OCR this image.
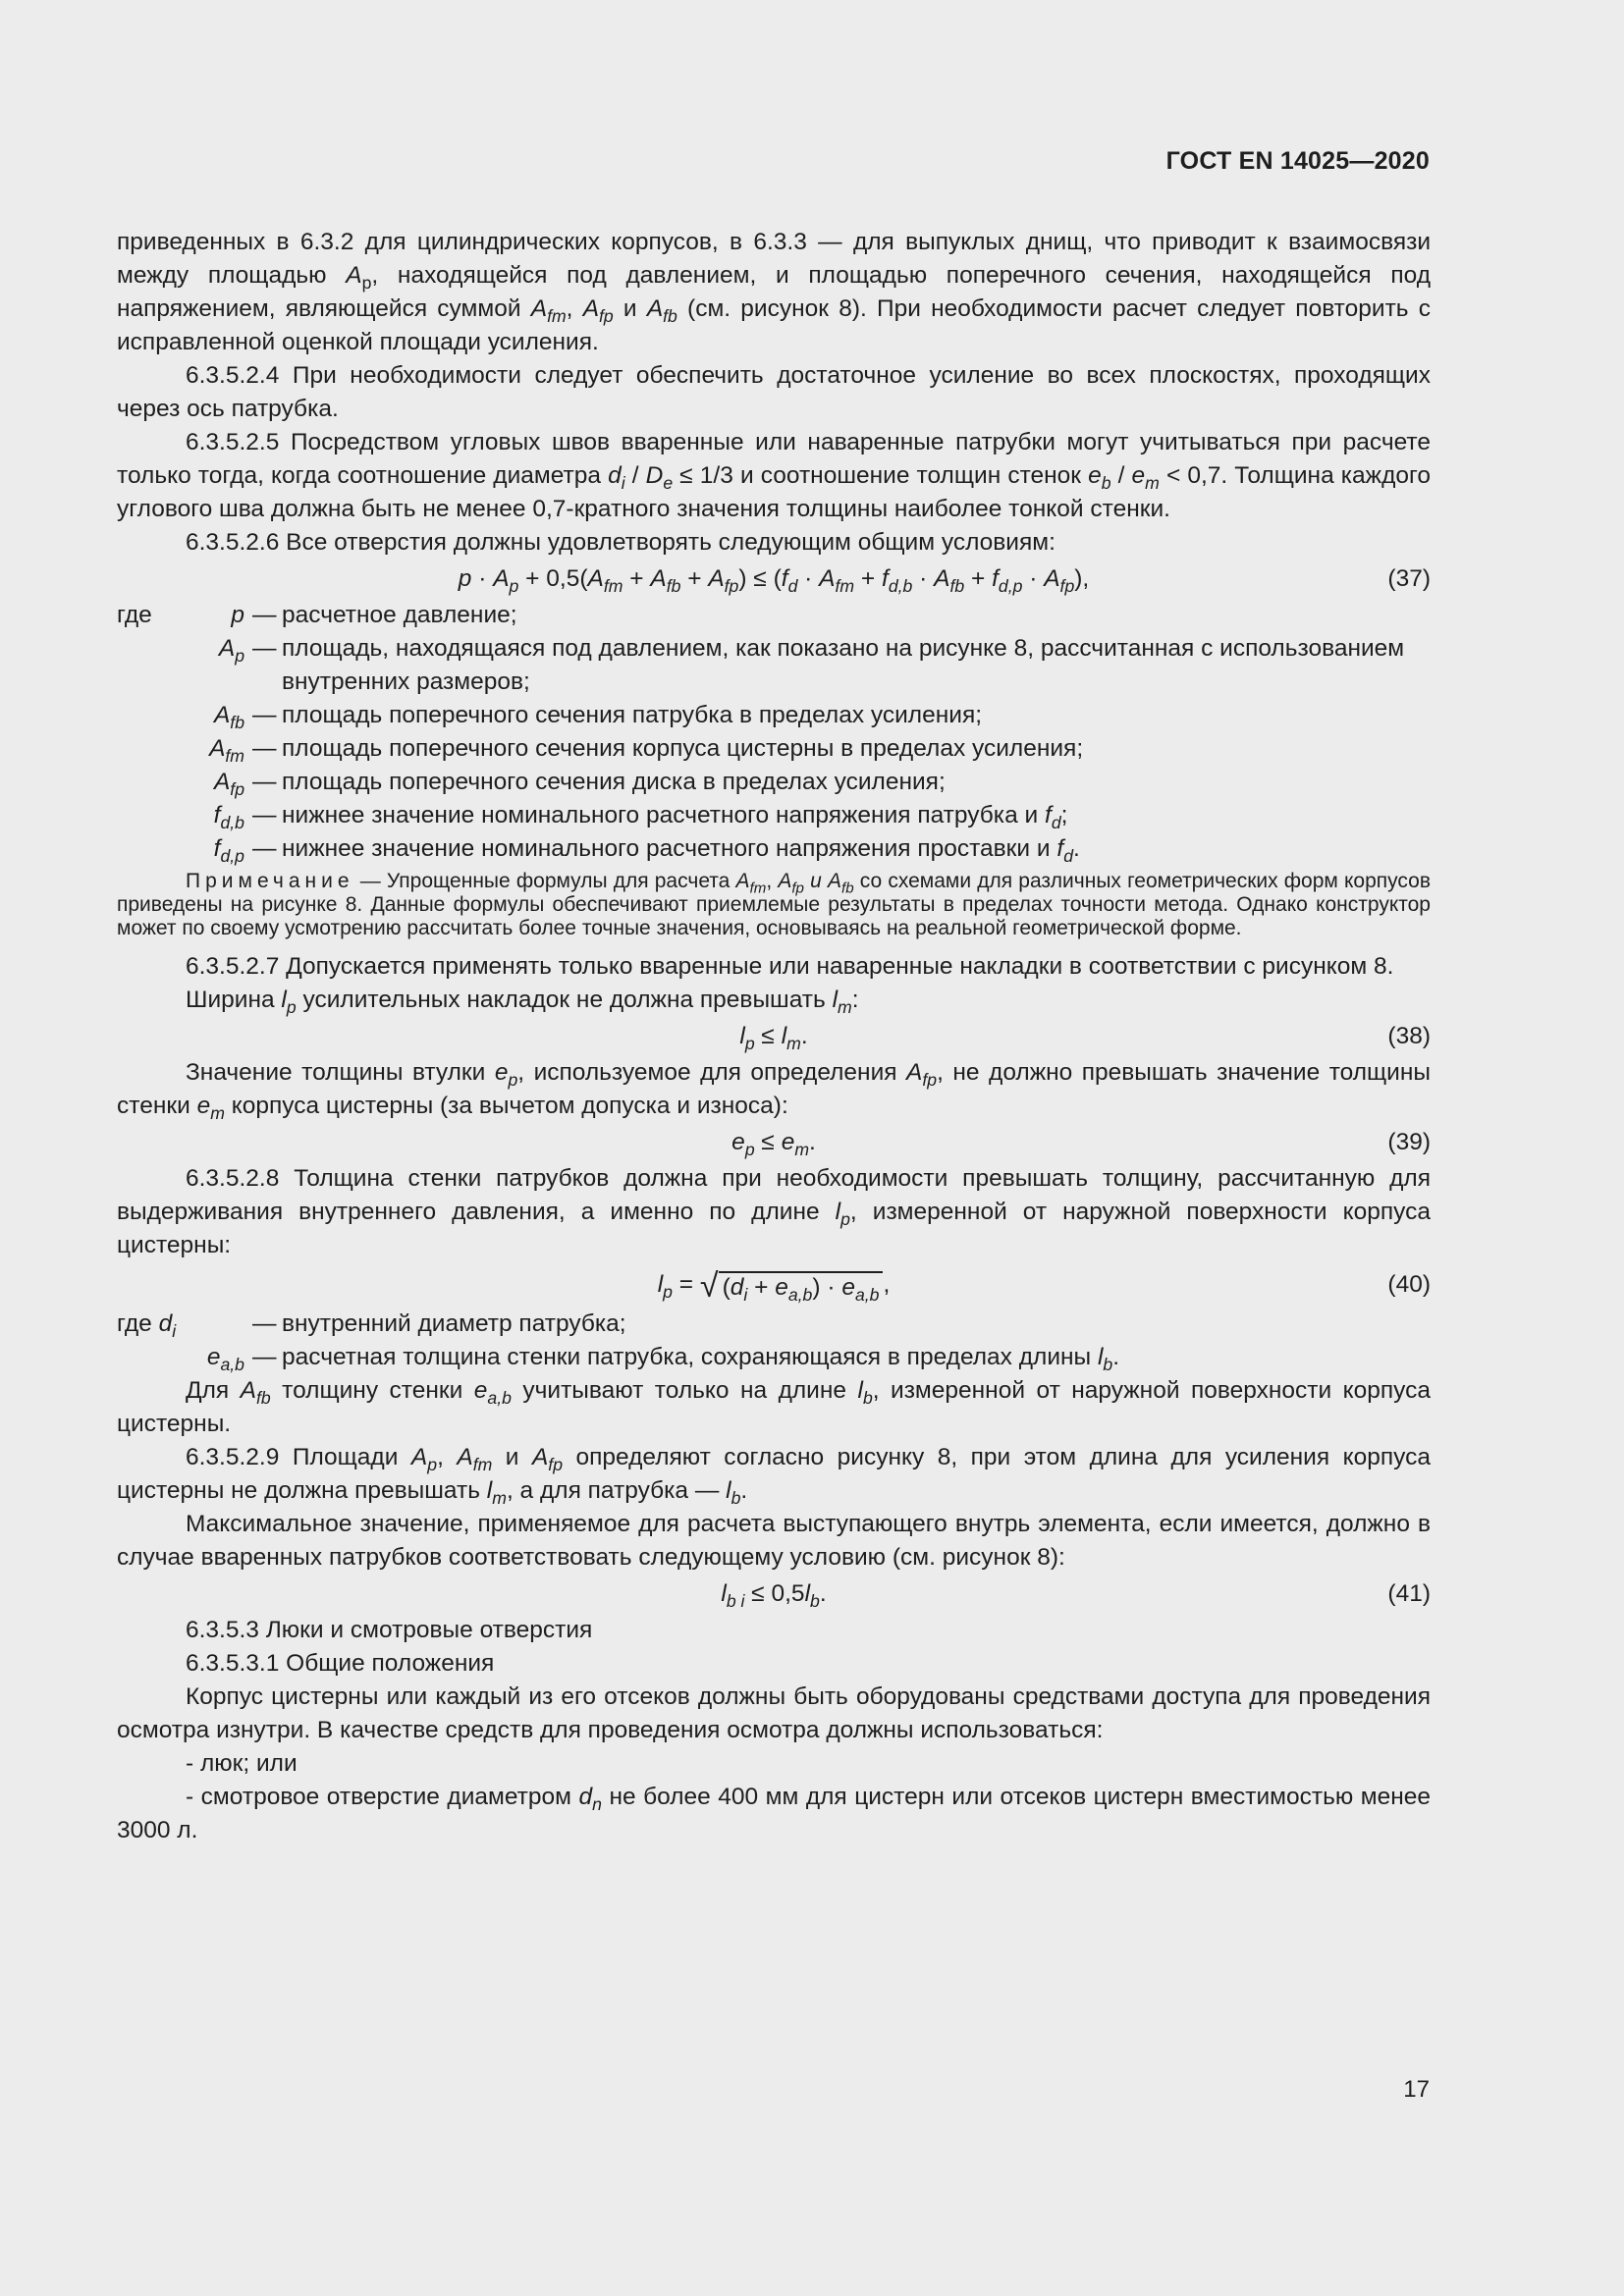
ГОСТ EN 14025—2020

приведенных в 6.3.2 для цилиндрических корпусов, в 6.3.3 — для выпуклых днищ, что приводит к взаимосвязи между площадью $A_p$, находящейся под давлением, и площадью поперечного сечения, находящейся под напряжением, являющейся суммой $A_{fm}$, $A_{fp}$ и $A_{fb}$ (см. рисунок 8). При необходимости расчет следует повторить с исправленной оценкой площади усиления.

6.3.5.2.4 При необходимости следует обеспечить достаточное усиление во всех плоскостях, проходящих через ось патрубка.

6.3.5.2.5 Посредством угловых швов вваренные или наваренные патрубки могут учитываться при расчете только тогда, когда соотношение диаметра $d_i / D_e \le 1/3$ и соотношение толщин стенок $e_b / e_m < 0,7$. Толщина каждого углового шва должна быть не менее 0,7-кратного значения толщины наиболее тонкой стенки.

6.3.5.2.6 Все отверстия должны удовлетворять следующим общим условиям:

$p \cdot A_p + 0,5(A_{fm} + A_{fb} + A_{fp}) \le (f_d \cdot A_{fm} + f_{d,b} \cdot A_{fb} + f_{d,p} \cdot A_{fp})$,	(37)
где	p	—	расчетное давление;
$A_p$	—	площадь, находящаяся под давлением, как показано на рисунке 8, рассчитанная с использованием внутренних размеров;
$A_{fb}$	—	площадь поперечного сечения патрубка в пределах усиления;
$A_{fm}$	—	площадь поперечного сечения корпуса цистерны в пределах усиления;
$A_{fp}$	—	площадь поперечного сечения диска в пределах усиления;
$f_{d,b}$	—	нижнее значение номинального расчетного напряжения патрубка и $f_d$;
$f_{d,p}$	—	нижнее значение номинального расчетного напряжения проставки и $f_d$.

Примечание — Упрощенные формулы для расчета $A_{fm}$, $A_{fp}$ и $A_{fb}$ со схемами для различных геометрических форм корпусов приведены на рисунке 8. Данные формулы обеспечивают приемлемые результаты в пределах точности метода. Однако конструктор может по своему усмотрению рассчитать более точные значения, основываясь на реальной геометрической форме.

6.3.5.2.7 Допускается применять только вваренные или наваренные накладки в соответствии с рисунком 8.

Ширина $l_p$ усилительных накладок не должна превышать $l_m$:

$l_p \le l_m$.	(38)

Значение толщины втулки $e_p$, используемое для определения $A_{fp}$, не должно превышать значение толщины стенки $e_m$ корпуса цистерны (за вычетом допуска и износа):

$e_p \le e_m$.	(39)

6.3.5.2.8 Толщина стенки патрубков должна при необходимости превышать толщину, рассчитанную для выдерживания внутреннего давления, а именно по длине $l_p$, измеренной от наружной поверхности корпуса цистерны:

$l_p$ = √ $(d_i + e_{a,b}) \cdot e_{a,b}$ ,	(40)
где $d_i$	—	внутренний диаметр патрубка;
$e_{a,b}$	—	расчетная толщина стенки патрубка, сохраняющаяся в пределах длины $l_b$.

Для $A_{fb}$ толщину стенки $e_{a,b}$ учитывают только на длине $l_b$, измеренной от наружной поверхности корпуса цистерны.

6.3.5.2.9 Площади $A_p$, $A_{fm}$ и $A_{fp}$ определяют согласно рисунку 8, при этом длина для усиления корпуса цистерны не должна превышать $l_m$, а для патрубка — $l_b$.

Максимальное значение, применяемое для расчета выступающего внутрь элемента, если имеется, должно в случае вваренных патрубков соответствовать следующему условию (см. рисунок 8):

$l_{b i} \le 0,5l_b$.	(41)

6.3.5.3 Люки и смотровые отверстия

6.3.5.3.1 Общие положения

Корпус цистерны или каждый из его отсеков должны быть оборудованы средствами доступа для проведения осмотра изнутри. В качестве средств для проведения осмотра должны использоваться:

- люк; или

- смотровое отверстие диаметром $d_n$ не более 400 мм для цистерн или отсеков цистерн вместимостью менее 3000 л.

17
